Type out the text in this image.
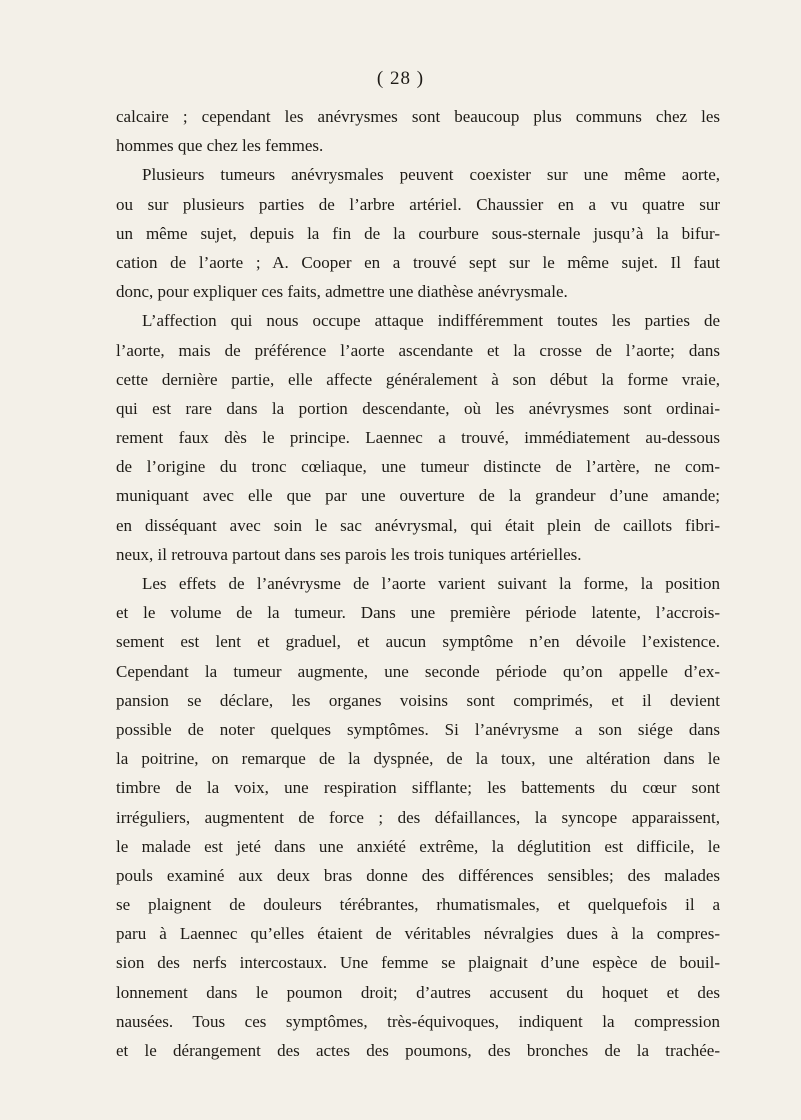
( 28 )
calcaire ; cependant les anévrysmes sont beaucoup plus communs chez les
hommes que chez les femmes.
Plusieurs tumeurs anévrysmales peuvent coexister sur une même aorte,
ou sur plusieurs parties de l’arbre artériel. Chaussier en a vu quatre sur
un même sujet, depuis la fin de la courbure sous-sternale jusqu’à la bifur-
cation de l’aorte ; A. Cooper en a trouvé sept sur le même sujet. Il faut
donc, pour expliquer ces faits, admettre une diathèse anévrysmale.
L’affection qui nous occupe attaque indifféremment toutes les parties de
l’aorte, mais de préférence l’aorte ascendante et la crosse de l’aorte; dans
cette dernière partie, elle affecte généralement à son début la forme vraie,
qui est rare dans la portion descendante, où les anévrysmes sont ordinai-
rement faux dès le principe. Laennec a trouvé, immédiatement au-dessous
de l’origine du tronc cœliaque, une tumeur distincte de l’artère, ne com-
muniquant avec elle que par une ouverture de la grandeur d’une amande;
en disséquant avec soin le sac anévrysmal, qui était plein de caillots fibri-
neux, il retrouva partout dans ses parois les trois tuniques artérielles.
Les effets de l’anévrysme de l’aorte varient suivant la forme, la position
et le volume de la tumeur. Dans une première période latente, l’accrois-
sement est lent et graduel, et aucun symptôme n’en dévoile l’existence.
Cependant la tumeur augmente, une seconde période qu’on appelle d’ex-
pansion se déclare, les organes voisins sont comprimés, et il devient
possible de noter quelques symptômes. Si l’anévrysme a son siége dans
la poitrine, on remarque de la dyspnée, de la toux, une altération dans le
timbre de la voix, une respiration sifflante; les battements du cœur sont
irréguliers, augmentent de force ; des défaillances, la syncope apparaissent,
le malade est jeté dans une anxiété extrême, la déglutition est difficile, le
pouls examiné aux deux bras donne des différences sensibles; des malades
se plaignent de douleurs térébrantes, rhumatismales, et quelquefois il a
paru à Laennec qu’elles étaient de véritables névralgies dues à la compres-
sion des nerfs intercostaux. Une femme se plaignait d’une espèce de bouil-
lonnement dans le poumon droit; d’autres accusent du hoquet et des
nausées. Tous ces symptômes, très-équivoques, indiquent la compression
et le dérangement des actes des poumons, des bronches de la trachée-
